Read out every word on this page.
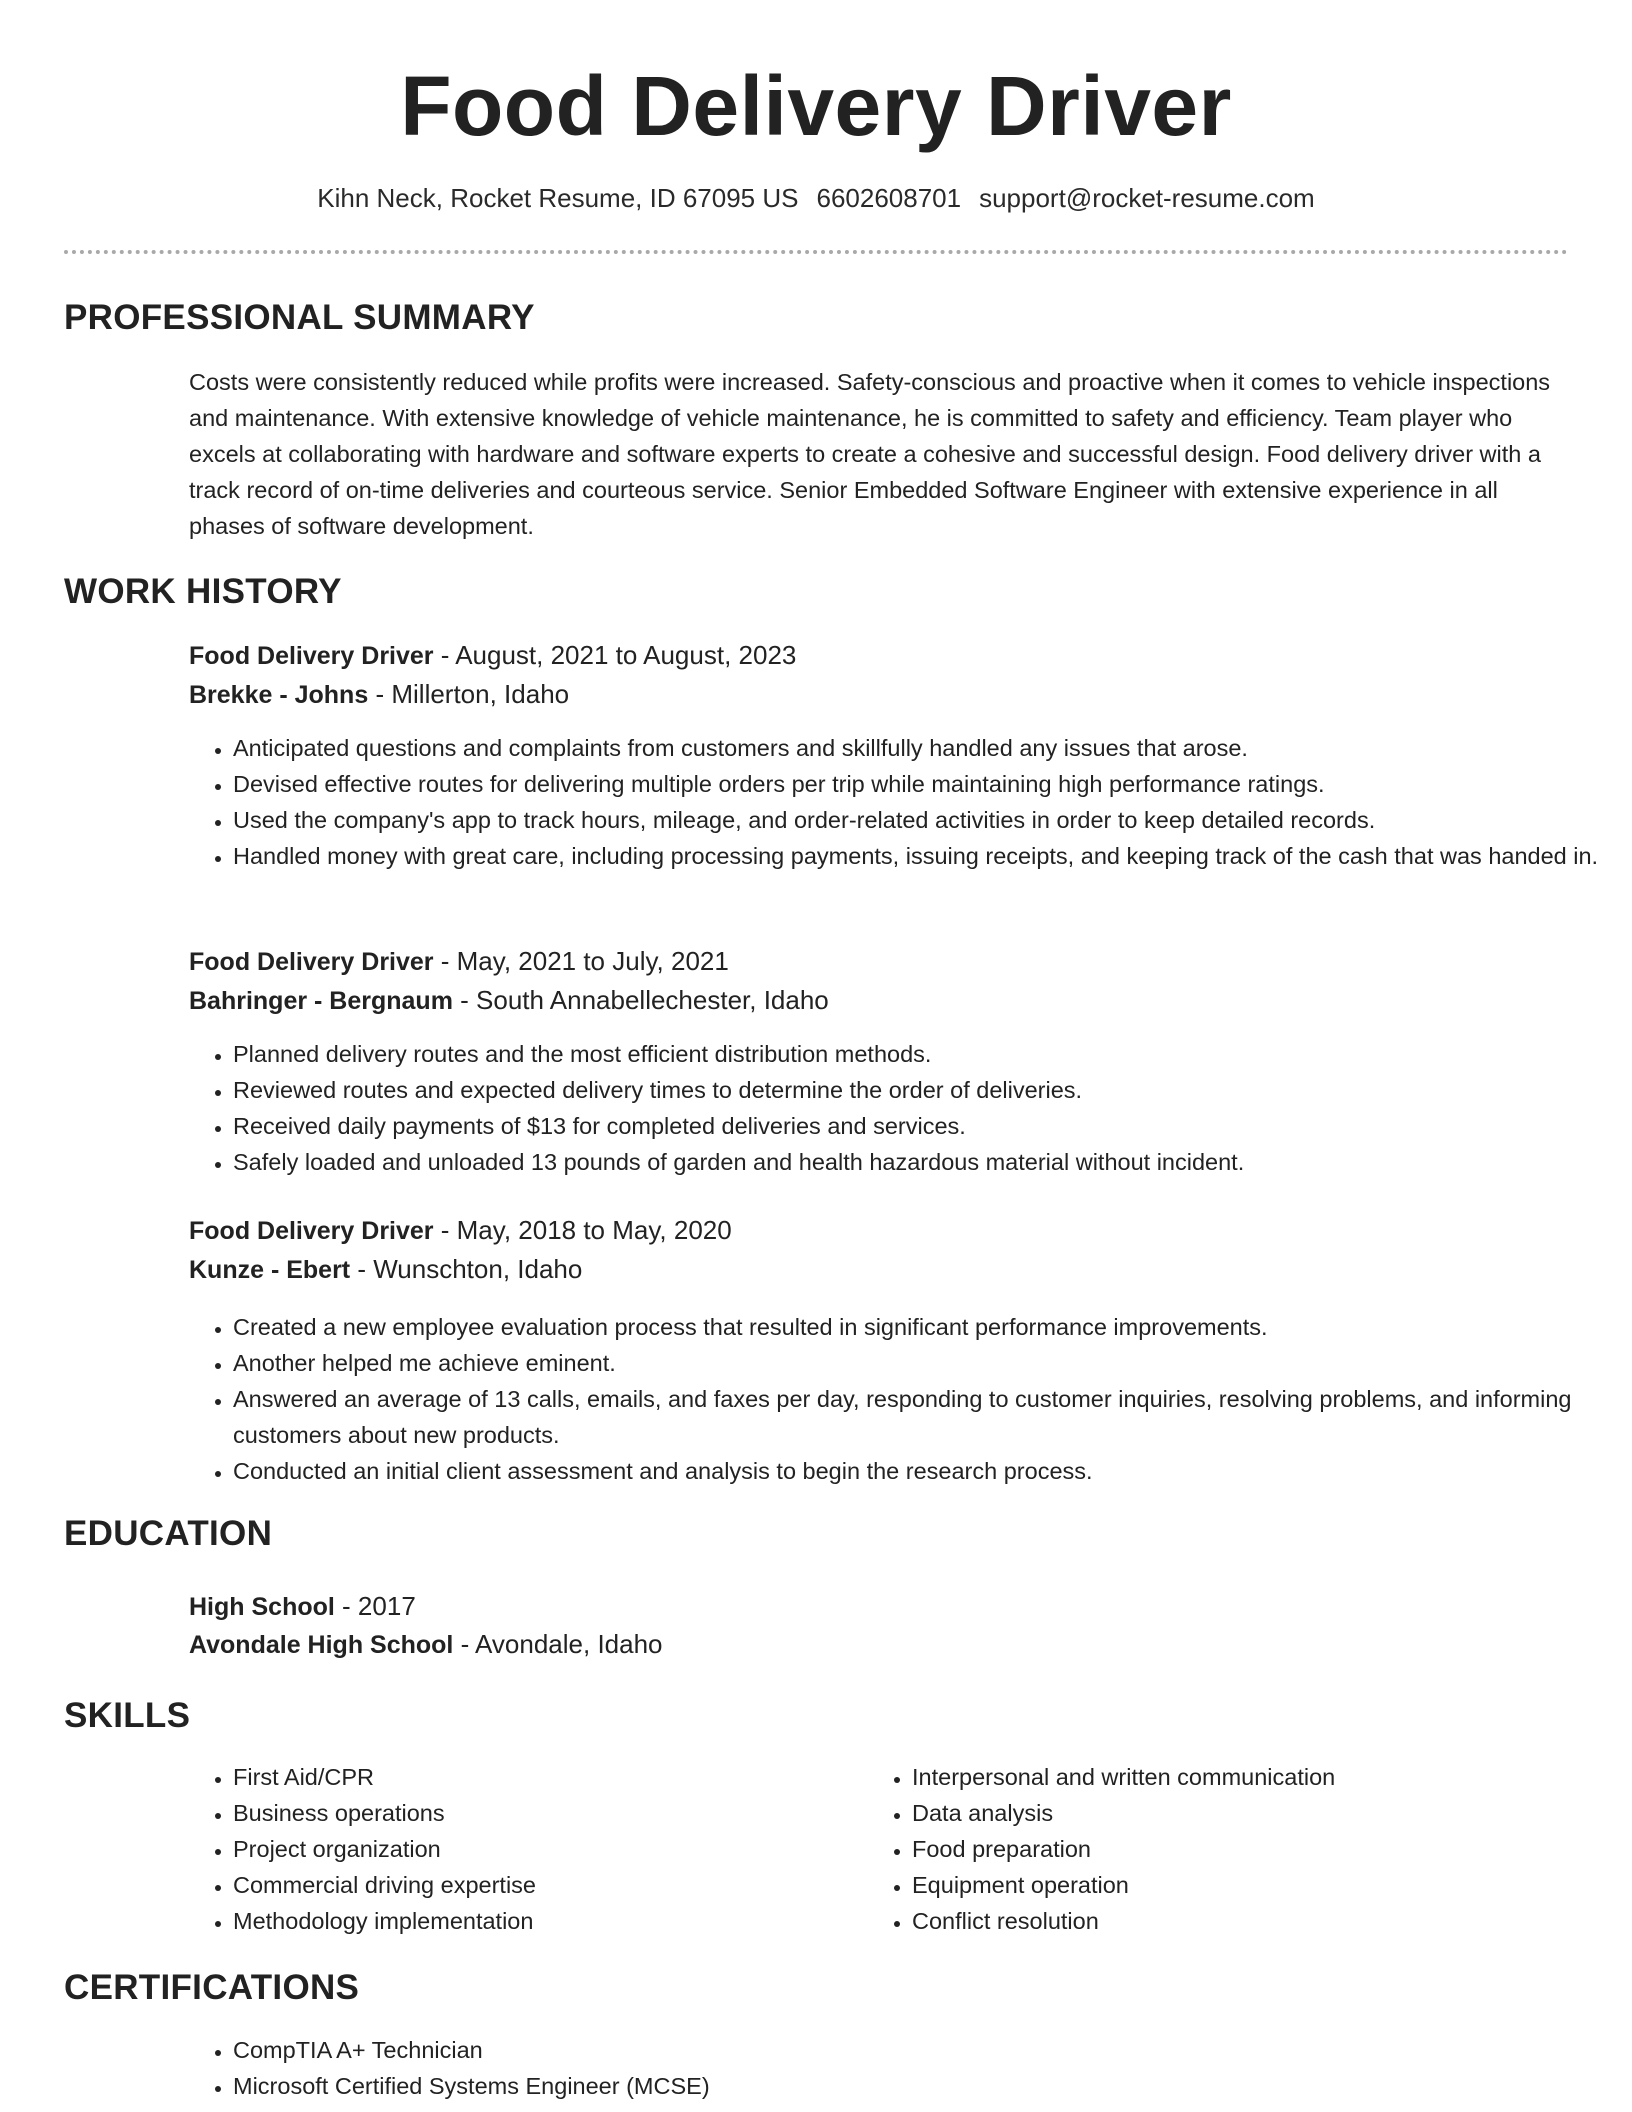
Food Delivery Driver
Kihn Neck, Rocket Resume, ID 67095 US 6602608701 support@rocket-resume.com
PROFESSIONAL SUMMARY

Costs were consistently reduced while profits were increased. Safety-conscious and proactive when it comes to vehicle inspections and maintenance. With extensive knowledge of vehicle maintenance, he is committed to safety and efficiency. Team player who excels at collaborating with hardware and software experts to create a cohesive and successful design. Food delivery driver with a track record of on-time deliveries and courteous service. Senior Embedded Software Engineer with extensive experience in all phases of software development.

WORK HISTORY
Food Delivery Driver - August, 2021 to August, 2023
Brekke - Johns - Millerton, Idaho
• Anticipated questions and complaints from customers and skillfully handled any issues that arose.
• Devised effective routes for delivering multiple orders per trip while maintaining high performance ratings.
• Used the company's app to track hours, mileage, and order-related activities in order to keep detailed records.
• Handled money with great care, including processing payments, issuing receipts, and keeping track of the cash that was handed in.
Food Delivery Driver - May, 2021 to July, 2021
Bahringer - Bergnaum - South Annabellechester, Idaho
• Planned delivery routes and the most efficient distribution methods.
• Reviewed routes and expected delivery times to determine the order of deliveries.
• Received daily payments of $13 for completed deliveries and services.
• Safely loaded and unloaded 13 pounds of garden and health hazardous material without incident.
Food Delivery Driver - May, 2018 to May, 2020
Kunze - Ebert - Wunschton, Idaho
• Created a new employee evaluation process that resulted in significant performance improvements.
• Another helped me achieve eminent.
• Answered an average of 13 calls, emails, and faxes per day, responding to customer inquiries, resolving problems, and informing customers about new products.
• Conducted an initial client assessment and analysis to begin the research process.
EDUCATION
High School - 2017
Avondale High School - Avondale, Idaho
SKILLS
• First Aid/CPR
• Business operations
• Project organization
• Commercial driving expertise
• Methodology implementation
• Interpersonal and written communication
• Data analysis
• Food preparation
• Equipment operation
• Conflict resolution
CERTIFICATIONS
• CompTIA A+ Technician
• Microsoft Certified Systems Engineer (MCSE)
